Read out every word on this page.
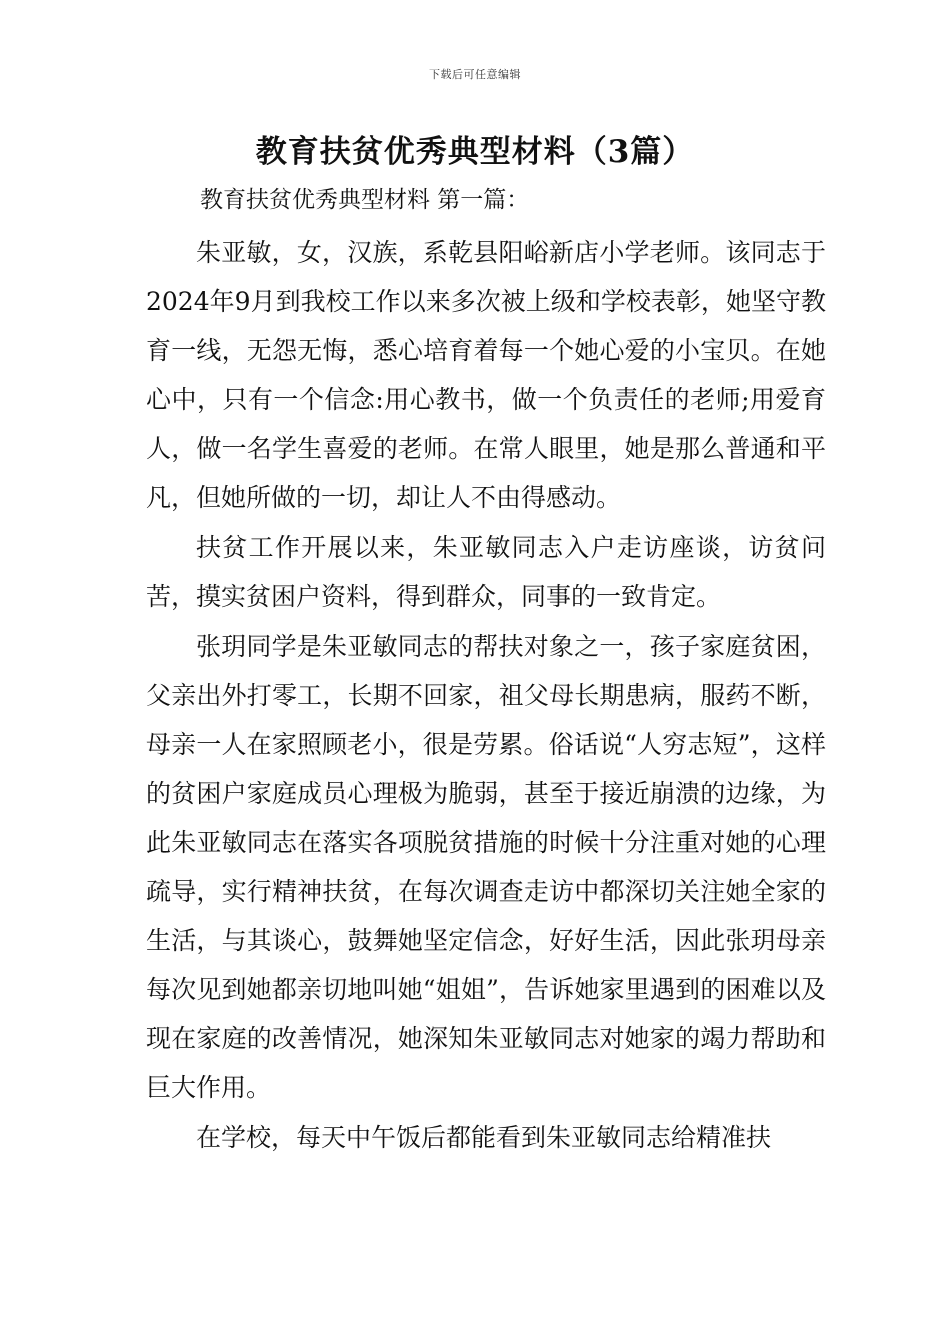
下载后可任意编辑
教育扶贫优秀典型材料（3篇）
教育扶贫优秀典型材料 第一篇：

朱亚敏，女，汉族，系乾县阳峪新店小学老师。该同志于2024年9月到我校工作以来多次被上级和学校表彰，她坚守教育一线，无怨无悔，悉心培育着每一个她心爱的小宝贝。在她心中，只有一个信念:用心教书，做一个负责任的老师;用爱育人，做一名学生喜爱的老师。在常人眼里，她是那么普通和平凡，但她所做的一切，却让人不由得感动。

扶贫工作开展以来，朱亚敏同志入户走访座谈，访贫问苦，摸实贫困户资料，得到群众，同事的一致肯定。

张玥同学是朱亚敏同志的帮扶对象之一，孩子家庭贫困，父亲出外打零工，长期不回家，祖父母长期患病，服药不断，母亲一人在家照顾老小，很是劳累。俗话说“人穷志短”，这样的贫困户家庭成员心理极为脆弱，甚至于接近崩溃的边缘，为此朱亚敏同志在落实各项脱贫措施的时候十分注重对她的心理疏导，实行精神扶贫，在每次调查走访中都深切关注她全家的生活，与其谈心，鼓舞她坚定信念，好好生活，因此张玥母亲每次见到她都亲切地叫她“姐姐”，告诉她家里遇到的困难以及现在家庭的改善情况，她深知朱亚敏同志对她家的竭力帮助和巨大作用。

在学校，每天中午饭后都能看到朱亚敏同志给精准扶
